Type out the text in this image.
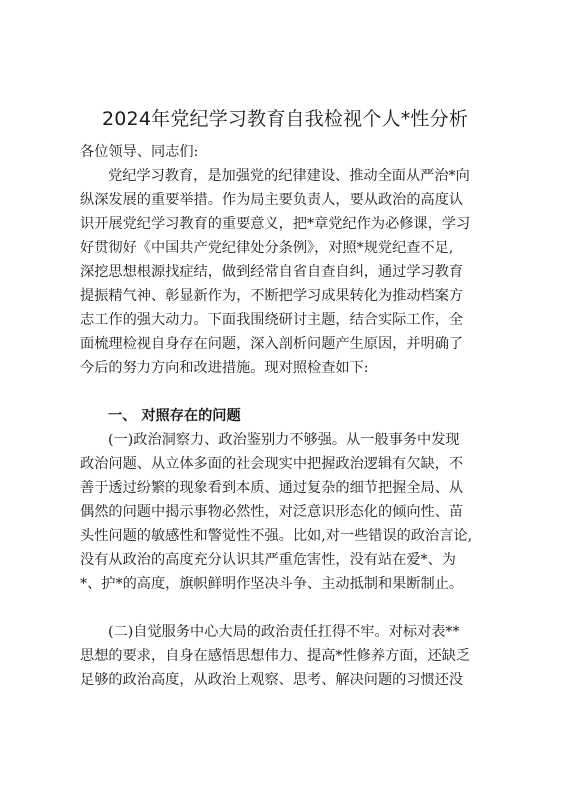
2024年党纪学习教育自我检视个人*性分析
各位领导、同志们:
党纪学习教育，是加强党的纪律建设、推动全面从严治*向
纵深发展的重要举措。作为局主要负责人，要从政治的高度认
识开展党纪学习教育的重要意义，把*章党纪作为必修课，学习
好贯彻好《中国共产党纪律处分条例》，对照*规党纪查不足,
深挖思想根源找症结，做到经常自省自查自纠，通过学习教育
提振精气神、彰显新作为，不断把学习成果转化为推动档案方
志工作的强大动力。下面我围绕研讨主题，结合实际工作，全
面梳理检视自身存在问题，深入剖析问题产生原因，并明确了
今后的努力方向和改进措施。现对照检查如下:
一、 对照存在的问题
(一)政治洞察力、政治鉴别力不够强。从一般事务中发现
政治问题、从立体多面的社会现实中把握政治逻辑有欠缺，不
善于透过纷繁的现象看到本质、通过复杂的细节把握全局、从
偶然的问题中揭示事物必然性，对泛意识形态化的倾向性、苗
头性问题的敏感性和警觉性不强。比如,对一些错误的政治言论,
没有从政治的高度充分认识其严重危害性，没有站在爱*、为
*、护*的高度，旗帜鲜明作坚决斗争、主动抵制和果断制止。
(二)自觉服务中心大局的政治责任扛得不牢。对标对表**
思想的要求，自身在感悟思想伟力、提高*性修养方面，还缺乏
足够的政治高度，从政治上观察、思考、解决问题的习惯还没
